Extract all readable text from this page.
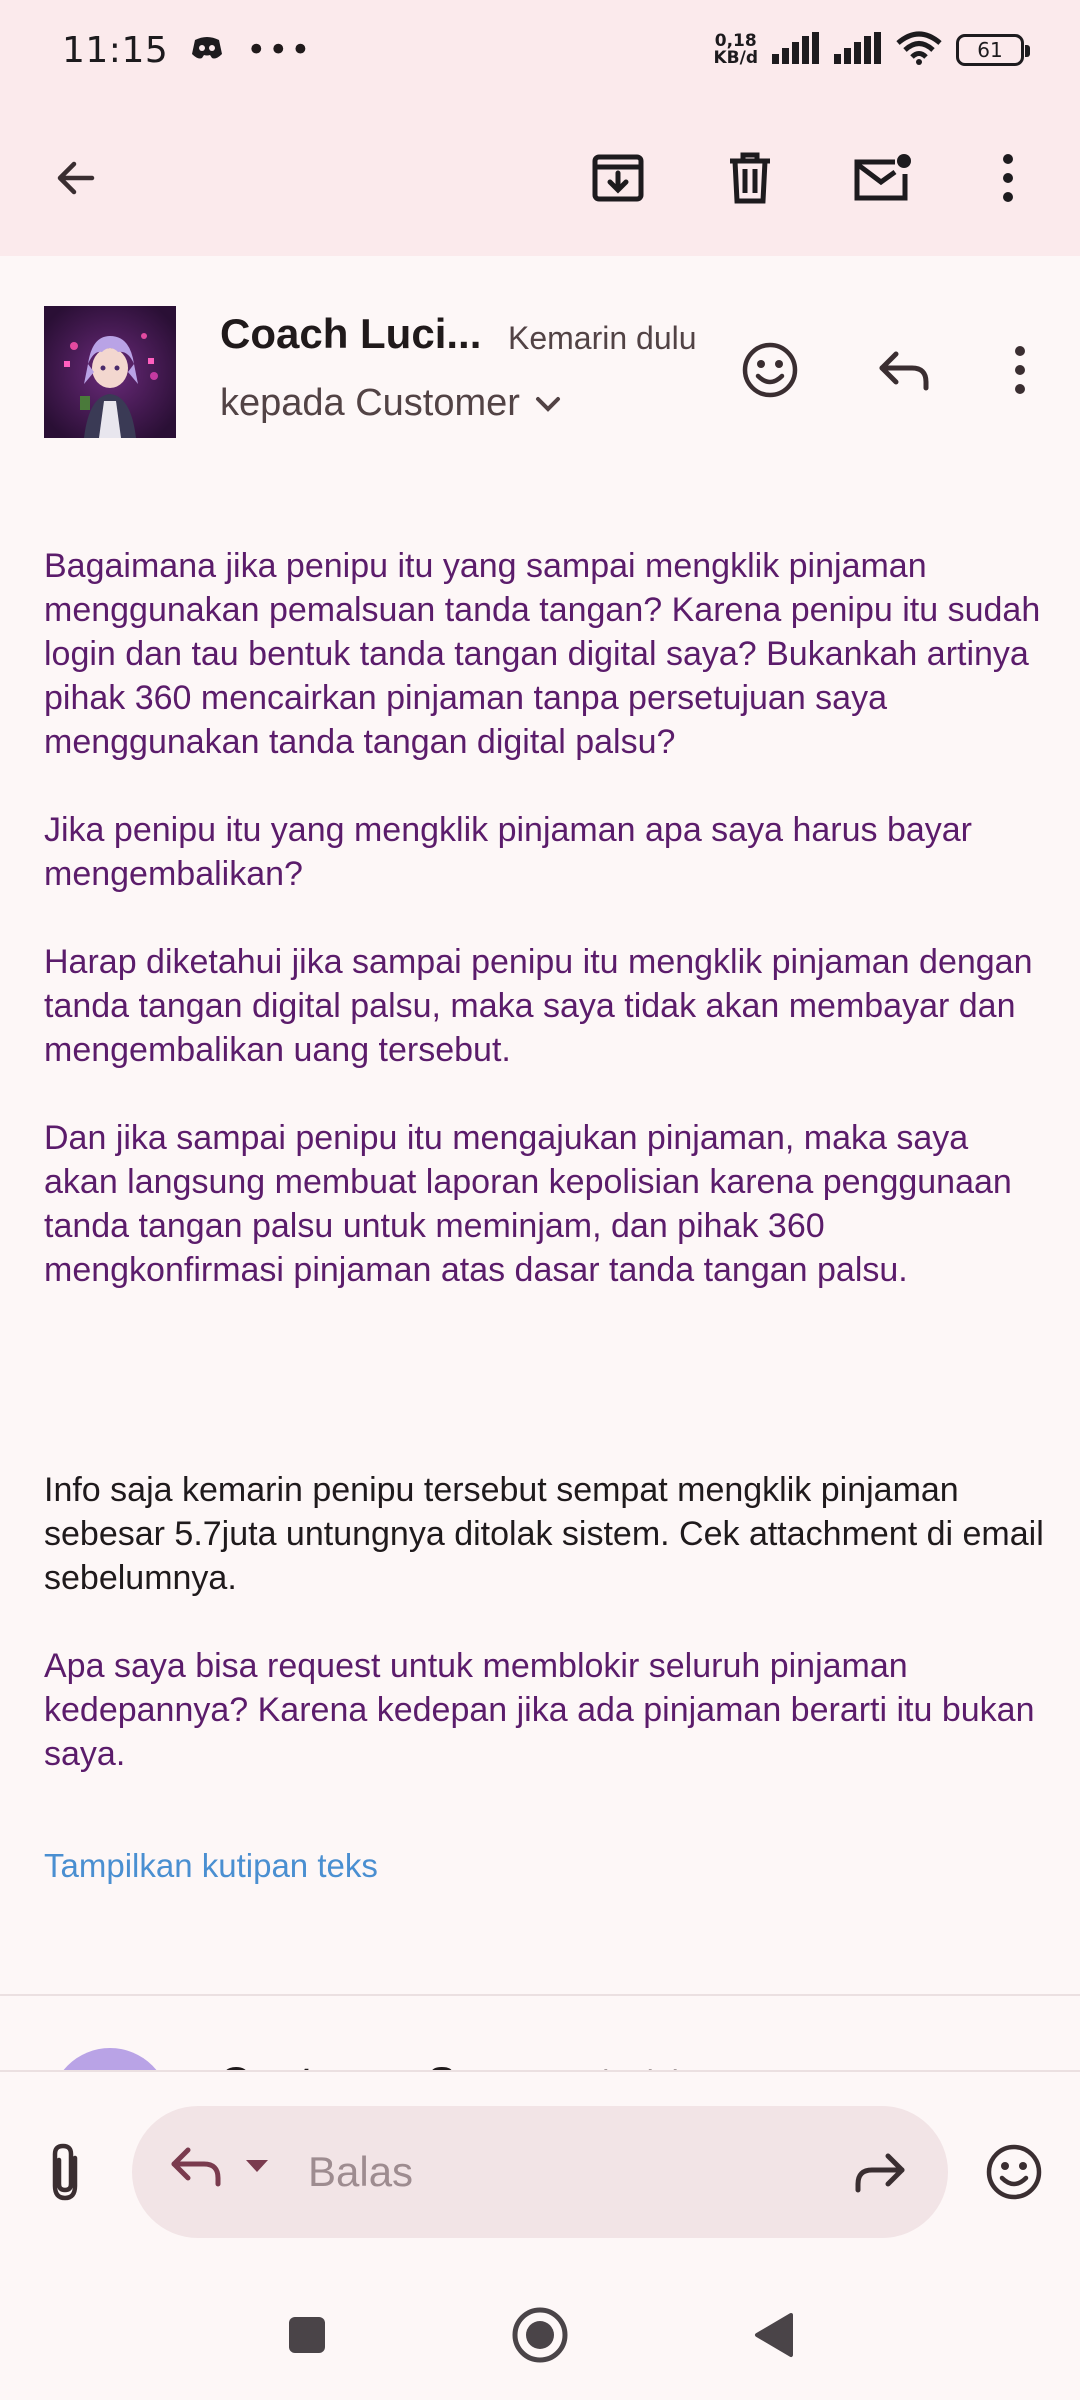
11:15 •••	0,18
KB/d	61
Coach Luci... Kemarin dulu
kepada Customer
Bagaimana jika penipu itu yang sampai mengklik pinjaman menggunakan pemalsuan tanda tangan? Karena penipu itu sudah login dan tau bentuk tanda tangan digital saya? Bukankah artinya pihak 360 mencairkan pinjaman tanpa persetujuan saya menggunakan tanda tangan digital palsu?
Jika penipu itu yang mengklik pinjaman apa saya harus bayar mengembalikan?
Harap diketahui jika sampai penipu itu mengklik pinjaman dengan tanda tangan digital palsu, maka saya tidak akan membayar dan mengembalikan uang tersebut.
Dan jika sampai penipu itu mengajukan pinjaman, maka saya akan langsung membuat laporan kepolisian karena penggunaan tanda tangan palsu untuk meminjam, dan pihak 360 mengkonfirmasi pinjaman atas dasar tanda tangan palsu.
Info saja kemarin penipu tersebut sempat mengklik pinjaman sebesar 5.7juta untungnya ditolak sistem. Cek attachment di email sebelumnya.
Apa saya bisa request untuk memblokir seluruh pinjaman kedepannya? Karena kedepan jika ada pinjaman berarti itu bukan saya.
Tampilkan kutipan teks
Balas
